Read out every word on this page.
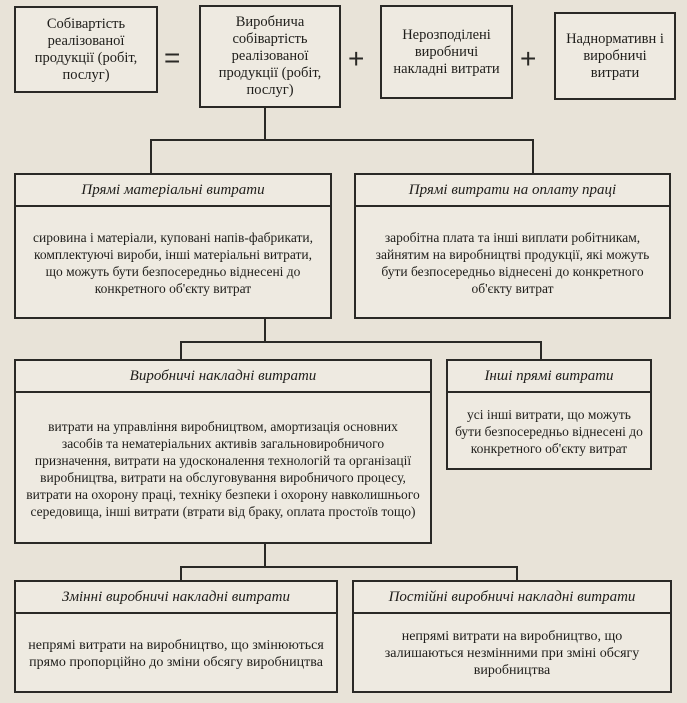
Собівартість реалізованої продукції (робіт, послуг)
=
Виробнича собівартість реалізованої продукції (робіт, послуг)
+
Нерозподілені виробничі накладні витрати +
Наднормативн і виробничі витрати
Прямі матеріальні витрати
сировина і матеріали, куповані напів-фабрикати, комплектуючі вироби, інші матеріальні витрати, що можуть бути безпосередньо віднесені до конкретного об'єкту витрат
Прямі витрати на оплату праці
заробітна плата та інші виплати робітникам, зайнятим на виробництві продукції, які можуть бути безпосередньо віднесені до конкретного об'єкту витрат
Виробничі накладні витрати
витрати на управління виробництвом, амортизація основних засобів та нематеріальних активів загальновиробничого призначення, витрати на удосконалення технологій та організації виробництва, витрати на обслуговування виробничого процесу, витрати на охорону праці, техніку безпеки і охорону навколишнього середовища, інші витрати (втрати від браку, оплата простоїв тощо)
Інші прямі витрати
усі інші витрати, що можуть бути безпосередньо віднесені до конкретного об'єкту витрат
Змінні виробничі накладні витрати
непрямі витрати на виробництво, що змінюються прямо пропорційно до зміни обсягу виробництва
Постійні виробничі накладні витрати
непрямі витрати на виробництво, що залишаються незмінними при зміні обсягу виробництва
